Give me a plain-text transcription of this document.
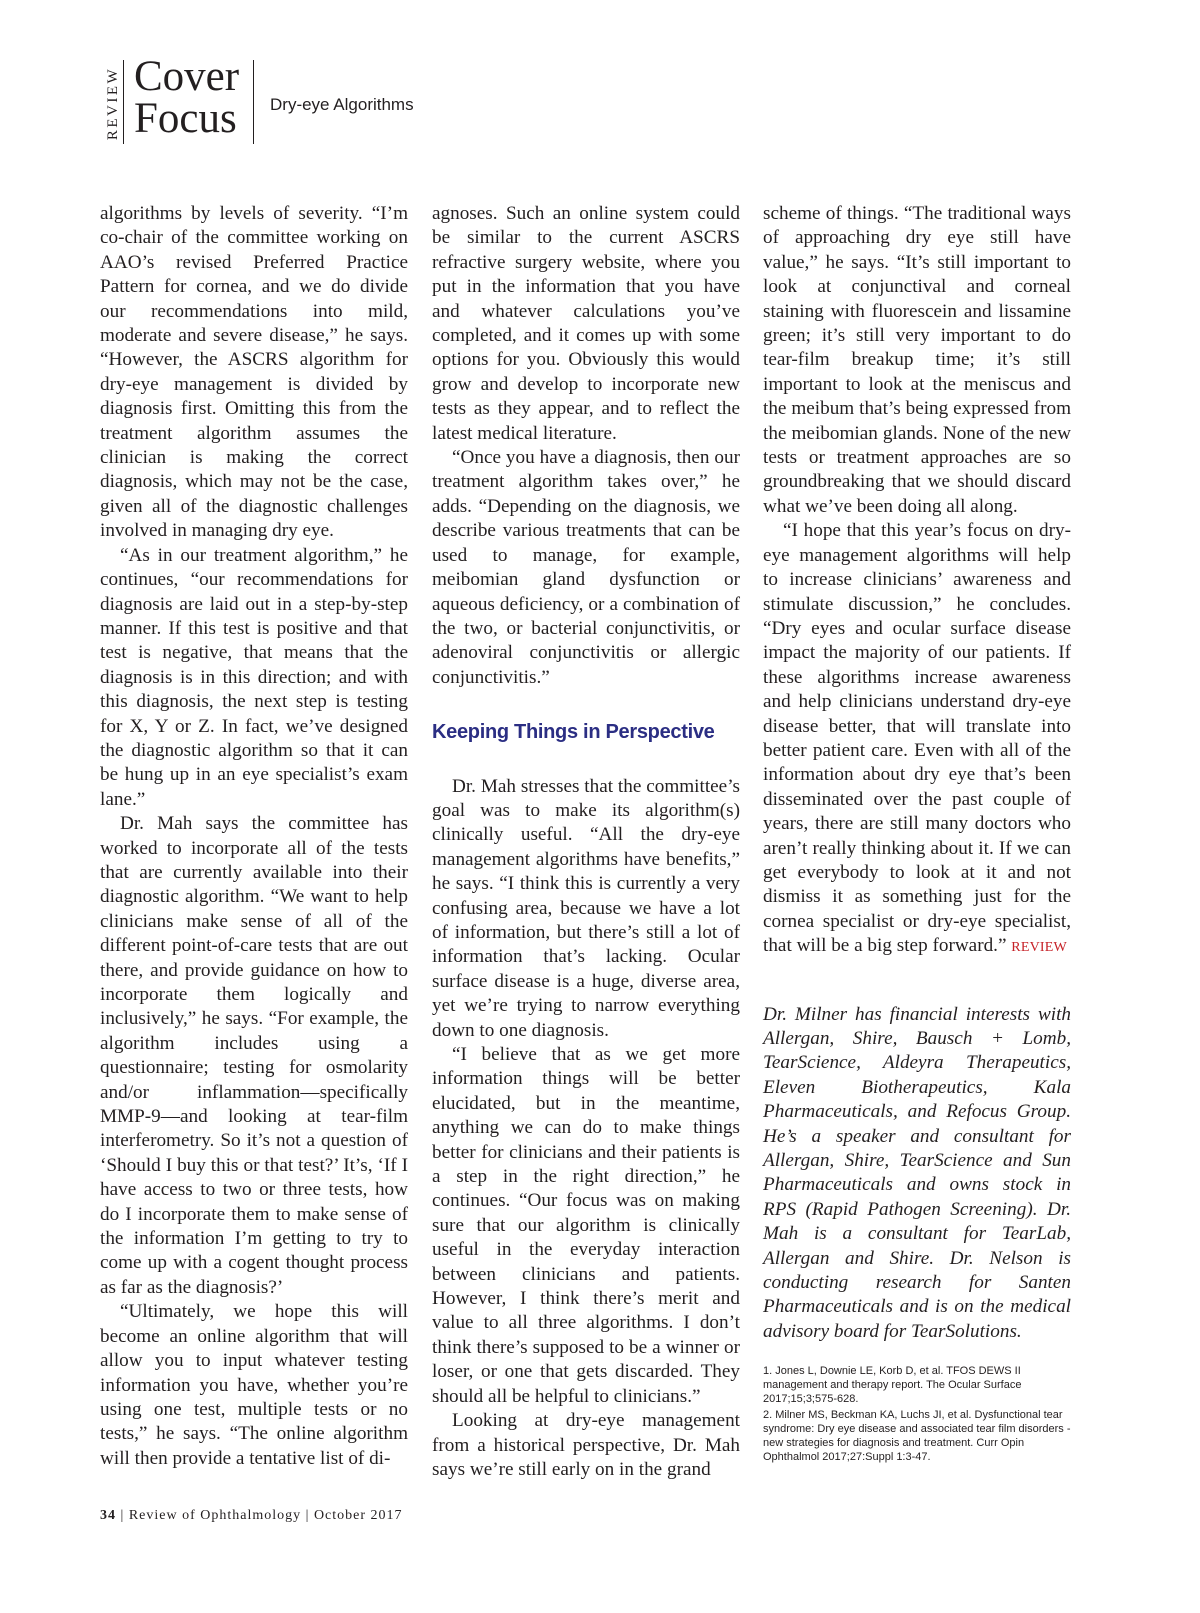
REVIEW Cover
Focus Dry-eye Algorithms

algorithms by levels of severity. “I’m co-chair of the committee working on AAO’s revised Preferred Practice Pattern for cornea, and we do divide our recommendations into mild, moderate and severe disease,” he says. “However, the ASCRS algorithm for dry-eye management is divided by diagnosis first. Omitting this from the treatment algorithm assumes the clinician is making the correct diagnosis, which may not be the case, given all of the diagnostic challenges involved in managing dry eye.

“As in our treatment algorithm,” he continues, “our recommendations for diagnosis are laid out in a step-by-step manner. If this test is positive and that test is negative, that means that the diagnosis is in this direction; and with this diagnosis, the next step is testing for X, Y or Z. In fact, we’ve designed the diagnostic algorithm so that it can be hung up in an eye specialist’s exam lane.”

Dr. Mah says the committee has worked to incorporate all of the tests that are currently available into their diagnostic algorithm. “We want to help clinicians make sense of all of the different point-of-care tests that are out there, and provide guidance on how to incorporate them logically and inclusively,” he says. “For example, the algorithm includes using a questionnaire; testing for osmolarity and/or inflammation—specifically MMP-9—and looking at tear-film interferometry. So it’s not a question of ‘Should I buy this or that test?’ It’s, ‘If I have access to two or three tests, how do I incorporate them to make sense of the information I’m getting to try to come up with a cogent thought process as far as the diagnosis?’

“Ultimately, we hope this will become an online algorithm that will allow you to input whatever testing information you have, whether you’re using one test, multiple tests or no tests,” he says. “The online algorithm will then provide a tentative list of di-

agnoses. Such an online system could be similar to the current ASCRS refractive surgery website, where you put in the information that you have and whatever calculations you’ve completed, and it comes up with some options for you. Obviously this would grow and develop to incorporate new tests as they appear, and to reflect the latest medical literature.

“Once you have a diagnosis, then our treatment algorithm takes over,” he adds. “Depending on the diagnosis, we describe various treatments that can be used to manage, for example, meibomian gland dysfunction or aqueous deficiency, or a combination of the two, or bacterial conjunctivitis, or adenoviral conjunctivitis or allergic conjunctivitis.”

Keeping Things in Perspective

Dr. Mah stresses that the committee’s goal was to make its algorithm(s) clinically useful. “All the dry-eye management algorithms have benefits,” he says. “I think this is currently a very confusing area, because we have a lot of information, but there’s still a lot of information that’s lacking. Ocular surface disease is a huge, diverse area, yet we’re trying to narrow everything down to one diagnosis.

“I believe that as we get more information things will be better elucidated, but in the meantime, anything we can do to make things better for clinicians and their patients is a step in the right direction,” he continues. “Our focus was on making sure that our algorithm is clinically useful in the everyday interaction between clinicians and patients. However, I think there’s merit and value to all three algorithms. I don’t think there’s supposed to be a winner or loser, or one that gets discarded. They should all be helpful to clinicians.”

Looking at dry-eye management from a historical perspective, Dr. Mah says we’re still early on in the grand

scheme of things. “The traditional ways of approaching dry eye still have value,” he says. “It’s still important to look at conjunctival and corneal staining with fluorescein and lissamine green; it’s still very important to do tear-film breakup time; it’s still important to look at the meniscus and the meibum that’s being expressed from the meibomian glands. None of the new tests or treatment approaches are so groundbreaking that we should discard what we’ve been doing all along.

“I hope that this year’s focus on dry-eye management algorithms will help to increase clinicians’ awareness and stimulate discussion,” he concludes. “Dry eyes and ocular surface disease impact the majority of our patients. If these algorithms increase awareness and help clinicians understand dry-eye disease better, that will translate into better patient care. Even with all of the information about dry eye that’s been disseminated over the past couple of years, there are still many doctors who aren’t really thinking about it. If we can get everybody to look at it and not dismiss it as something just for the cornea specialist or dry-eye specialist, that will be a big step forward.” REVIEW

Dr. Milner has financial interests with Allergan, Shire, Bausch + Lomb, TearScience, Aldeyra Therapeutics, Eleven Biotherapeutics, Kala Pharmaceuticals, and Refocus Group. He’s a speaker and consultant for Allergan, Shire, TearScience and Sun Pharmaceuticals and owns stock in RPS (Rapid Pathogen Screening). Dr. Mah is a consultant for TearLab, Allergan and Shire. Dr. Nelson is conducting research for Santen Pharmaceuticals and is on the medical advisory board for TearSolutions.

1. Jones L, Downie LE, Korb D, et al. TFOS DEWS II management and therapy report. The Ocular Surface 2017;15;3;575-628.
2. Milner MS, Beckman KA, Luchs JI, et al. Dysfunctional tear syndrome: Dry eye disease and associated tear film disorders - new strategies for diagnosis and treatment. Curr Opin Ophthalmol 2017;27:Suppl 1:3-47.
34 | Review of Ophthalmology | October 2017
